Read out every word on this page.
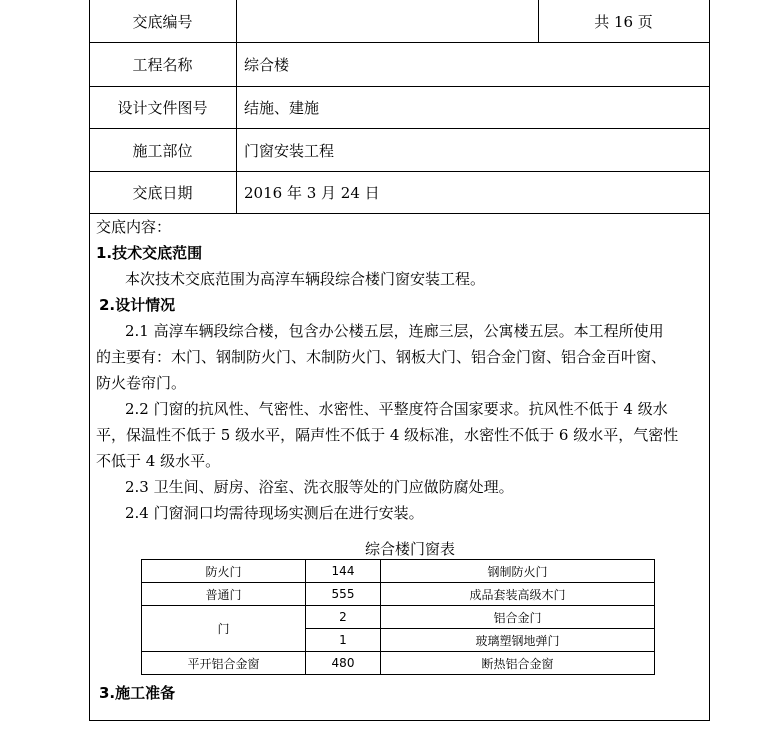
交底编号	共 16 页
工程名称	综合楼
设计文件图号	结施、建施
施工部位	门窗安装工程
交底日期	2016 年 3 月 24 日
交底内容：
1.技术交底范围
本次技术交底范围为高淳车辆段综合楼门窗安装工程。
2.设计情况
2.1 高淳车辆段综合楼，包含办公楼五层，连廊三层，公寓楼五层。本工程所使用
的主要有：木门、钢制防火门、木制防火门、钢板大门、铝合金门窗、铝合金百叶窗、
防火卷帘门。
2.2 门窗的抗风性、气密性、水密性、平整度符合国家要求。抗风性不低于 4 级水
平，保温性不低于 5 级水平，隔声性不低于 4 级标准，水密性不低于 6 级水平，气密性
不低于 4 级水平。
2.3 卫生间、厨房、浴室、洗衣服等处的门应做防腐处理。
2.4 门窗洞口均需待现场实测后在进行安装。
综合楼门窗表
防火门	144	钢制防火门
普通门	555	成品套装高级木门
门	2	铝合金门
	1	玻璃塑钢地弹门
平开铝合金窗	480	断热铝合金窗
3.施工准备
